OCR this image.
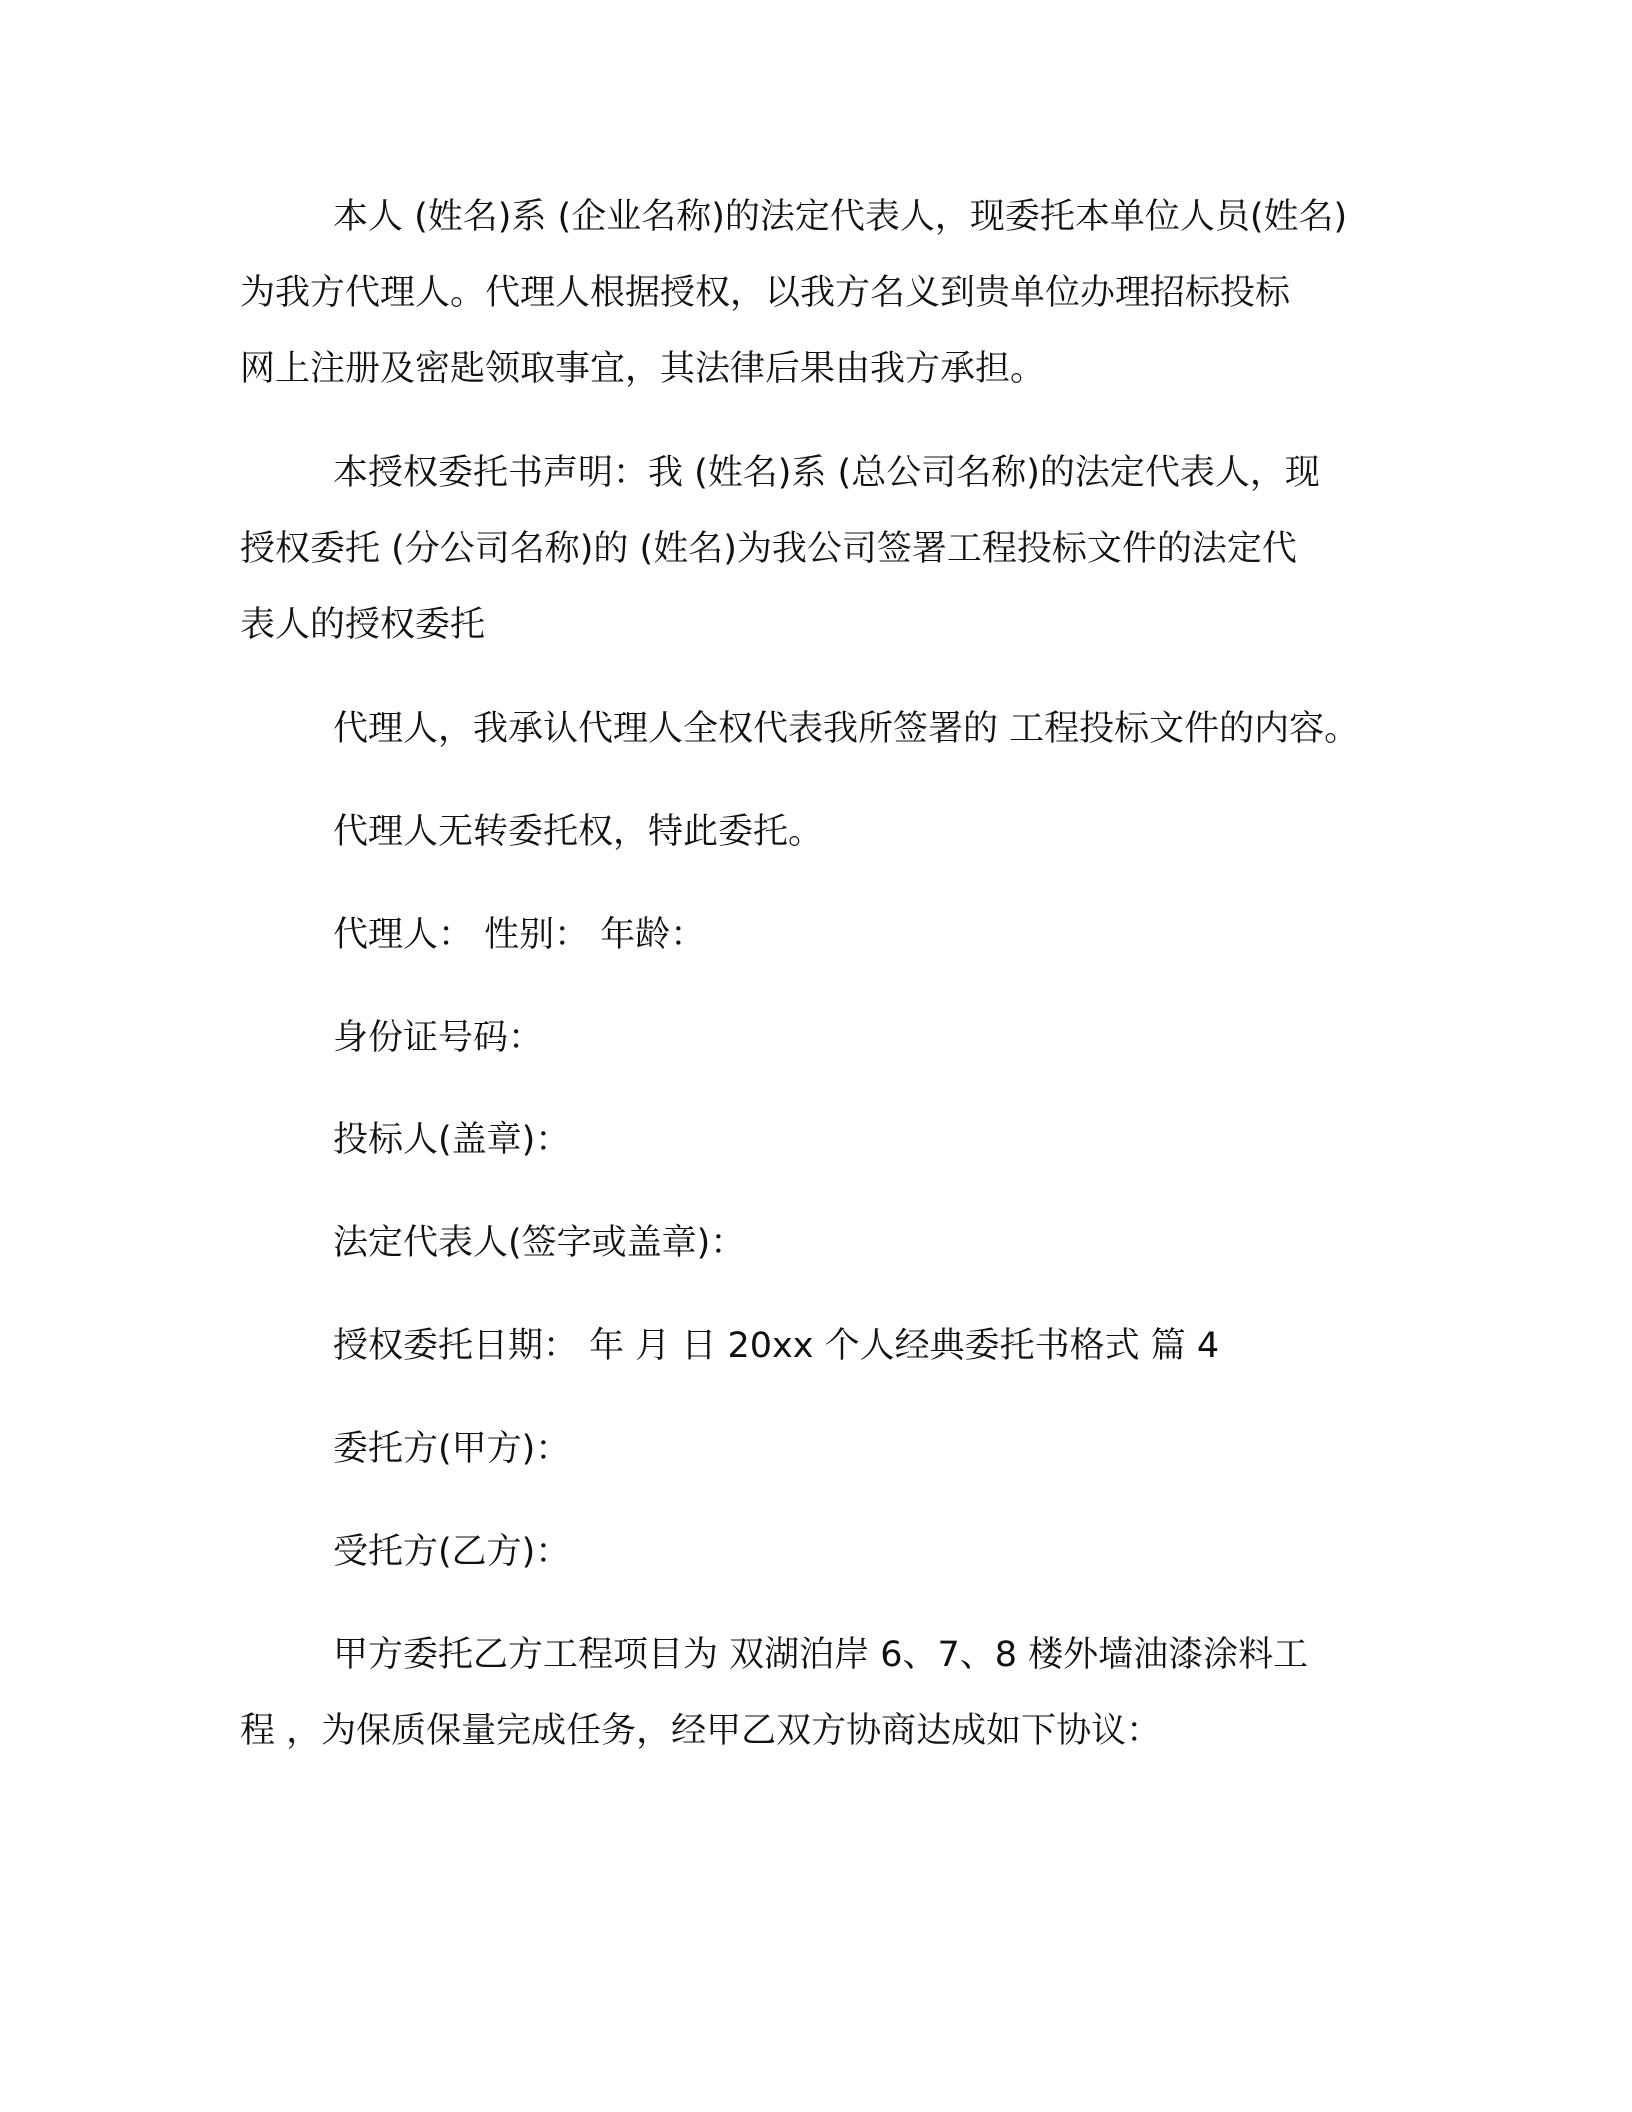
本人 (姓名)系 (企业名称)的法定代表人，现委托本单位人员(姓名)

为我方代理人。代理人根据授权，以我方名义到贵单位办理招标投标

网上注册及密匙领取事宜，其法律后果由我方承担。

本授权委托书声明：我 (姓名)系 (总公司名称)的法定代表人，现

授权委托 (分公司名称)的 (姓名)为我公司签署工程投标文件的法定代

表人的授权委托

代理人，我承认代理人全权代表我所签署的 工程投标文件的内容。

代理人无转委托权，特此委托。

代理人： 性别： 年龄：

身份证号码：

投标人(盖章)：

法定代表人(签字或盖章)：

授权委托日期： 年 月 日 20xx 个人经典委托书格式 篇 4

委托方(甲方)：

受托方(乙方)：

甲方委托乙方工程项目为 双湖泊岸 6、7、8 楼外墙油漆涂料工

程 ，为保质保量完成任务，经甲乙双方协商达成如下协议：
